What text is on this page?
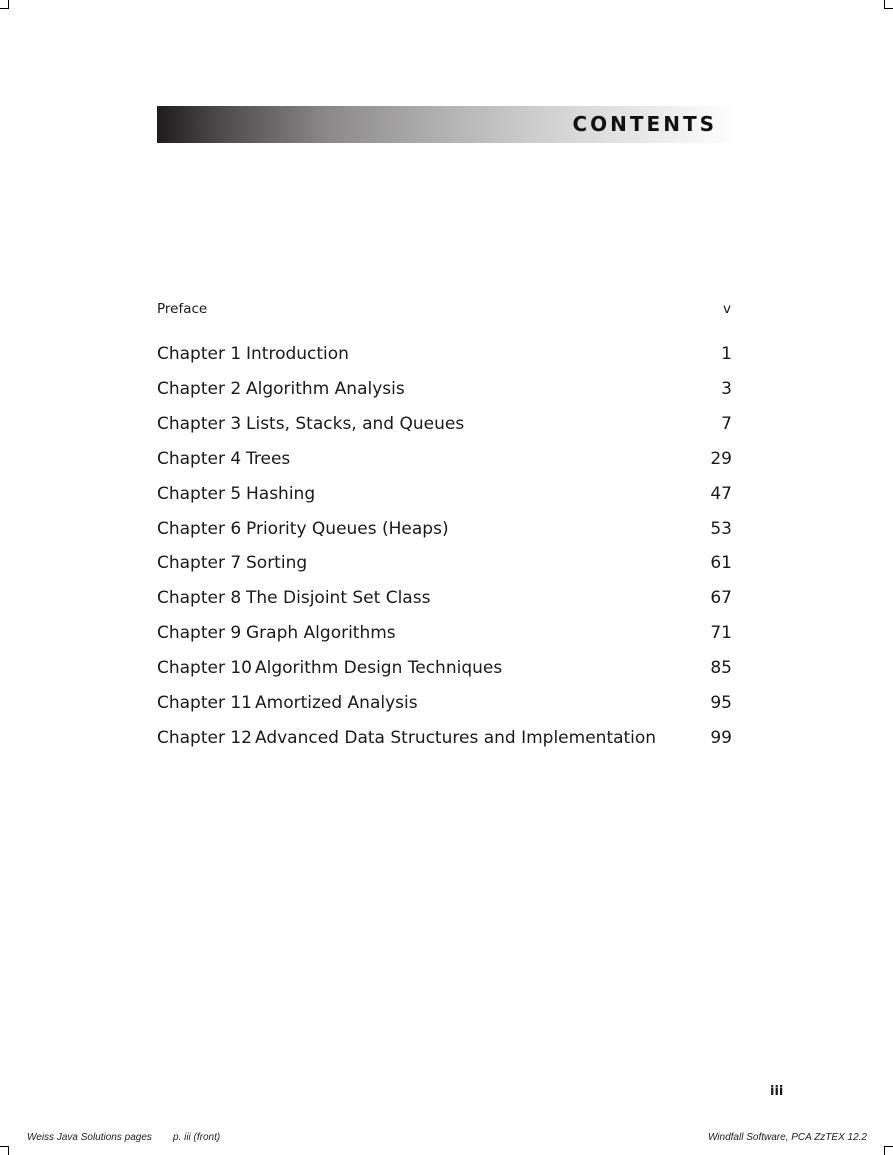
CONTENTS
Preface	v
Chapter 1 Introduction	1
Chapter 2 Algorithm Analysis	3
Chapter 3 Lists, Stacks, and Queues	7
Chapter 4 Trees	29
Chapter 5 Hashing	47
Chapter 6 Priority Queues (Heaps)	53
Chapter 7 Sorting	61
Chapter 8 The Disjoint Set Class	67
Chapter 9 Graph Algorithms	71
Chapter 10 Algorithm Design Techniques	85
Chapter 11 Amortized Analysis	95
Chapter 12 Advanced Data Structures and Implementation	99
iii
Weiss Java Solutions pages p. iii (front)	Windfall Software, PCA ZzTEX 12.2
